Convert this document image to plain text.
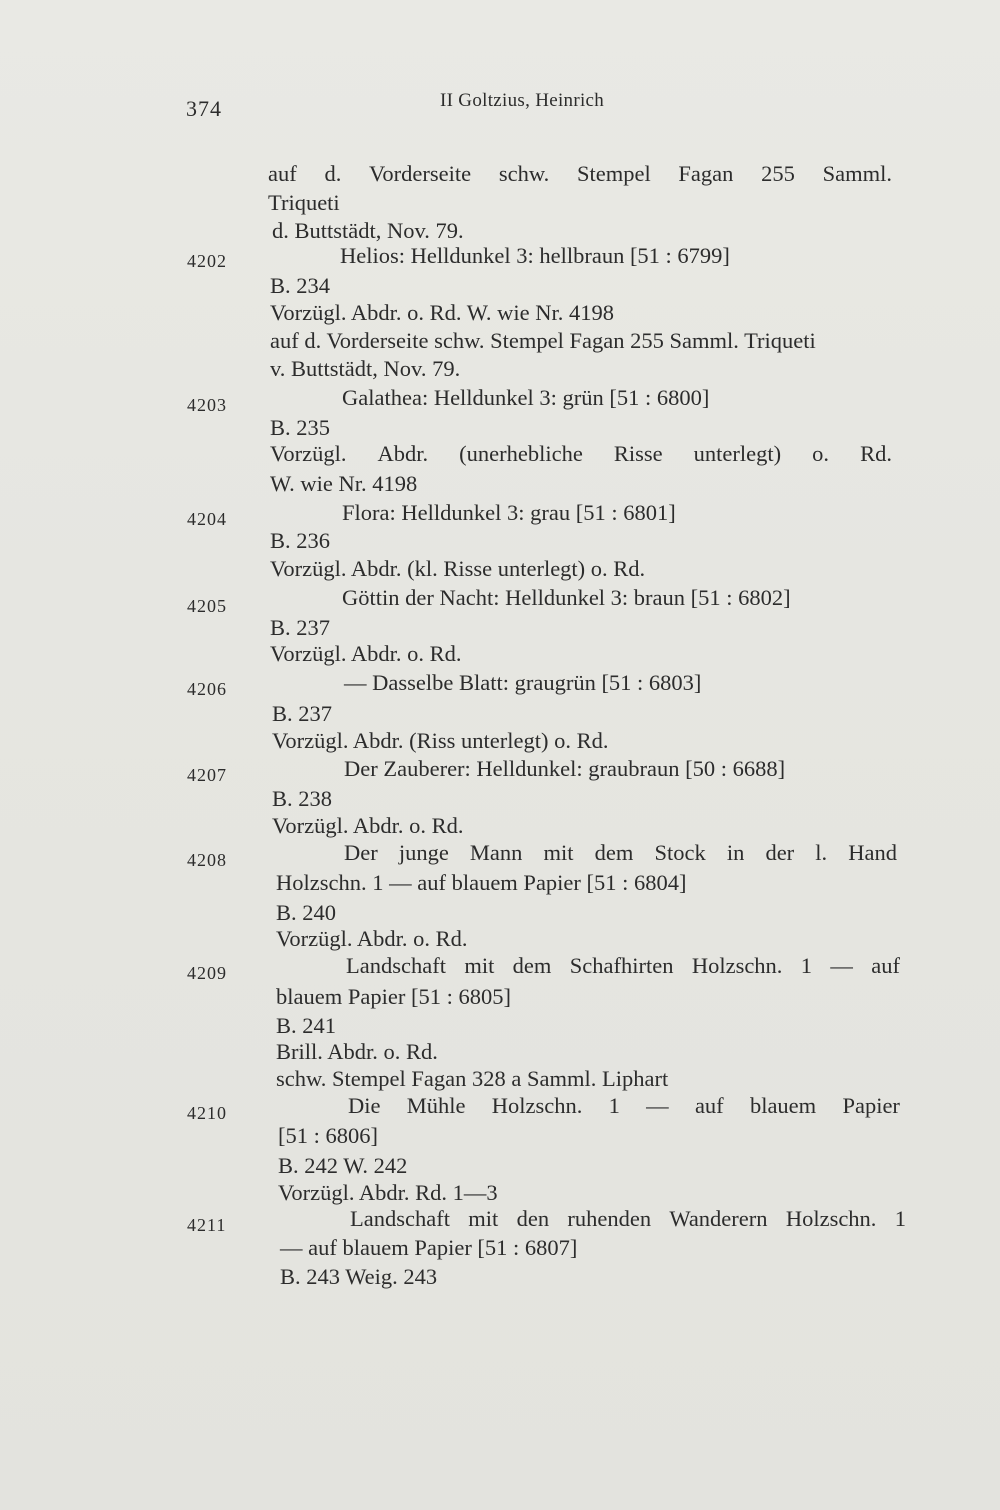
374	II Goltzius, Heinrich
auf d. Vorderseite schw. Stempel Fagan 255 Samml.
Triqueti
d. Buttstädt, Nov. 79.
4202	Helios: Helldunkel 3: hellbraun [51 : 6799]
B. 234
Vorzügl. Abdr. o. Rd. W. wie Nr. 4198
auf d. Vorderseite schw. Stempel Fagan 255 Samml. Triqueti
v. Buttstädt, Nov. 79.
4203	Galathea: Helldunkel 3: grün [51 : 6800]
B. 235
Vorzügl. Abdr. (unerhebliche Risse unterlegt) o. Rd.
W. wie Nr. 4198
4204	Flora: Helldunkel 3: grau [51 : 6801]
B. 236
Vorzügl. Abdr. (kl. Risse unterlegt) o. Rd.
4205	Göttin der Nacht: Helldunkel 3: braun [51 : 6802]
B. 237
Vorzügl. Abdr. o. Rd.
4206	— Dasselbe Blatt: graugrün [51 : 6803]
B. 237
Vorzügl. Abdr. (Riss unterlegt) o. Rd.
4207	Der Zauberer: Helldunkel: graubraun [50 : 6688]
B. 238
Vorzügl. Abdr. o. Rd.
4208	Der junge Mann mit dem Stock in der l. Hand
Holzschn. 1 — auf blauem Papier [51 : 6804]
B. 240
Vorzügl. Abdr. o. Rd.
4209	Landschaft mit dem Schafhirten Holzschn. 1 — auf
blauem Papier [51 : 6805]
B. 241
Brill. Abdr. o. Rd.
schw. Stempel Fagan 328 a Samml. Liphart
4210	Die Mühle Holzschn. 1 — auf blauem Papier
[51 : 6806]
B. 242 W. 242
Vorzügl. Abdr. Rd. 1—3
4211	Landschaft mit den ruhenden Wanderern Holzschn. 1
— auf blauem Papier [51 : 6807]
B. 243 Weig. 243
